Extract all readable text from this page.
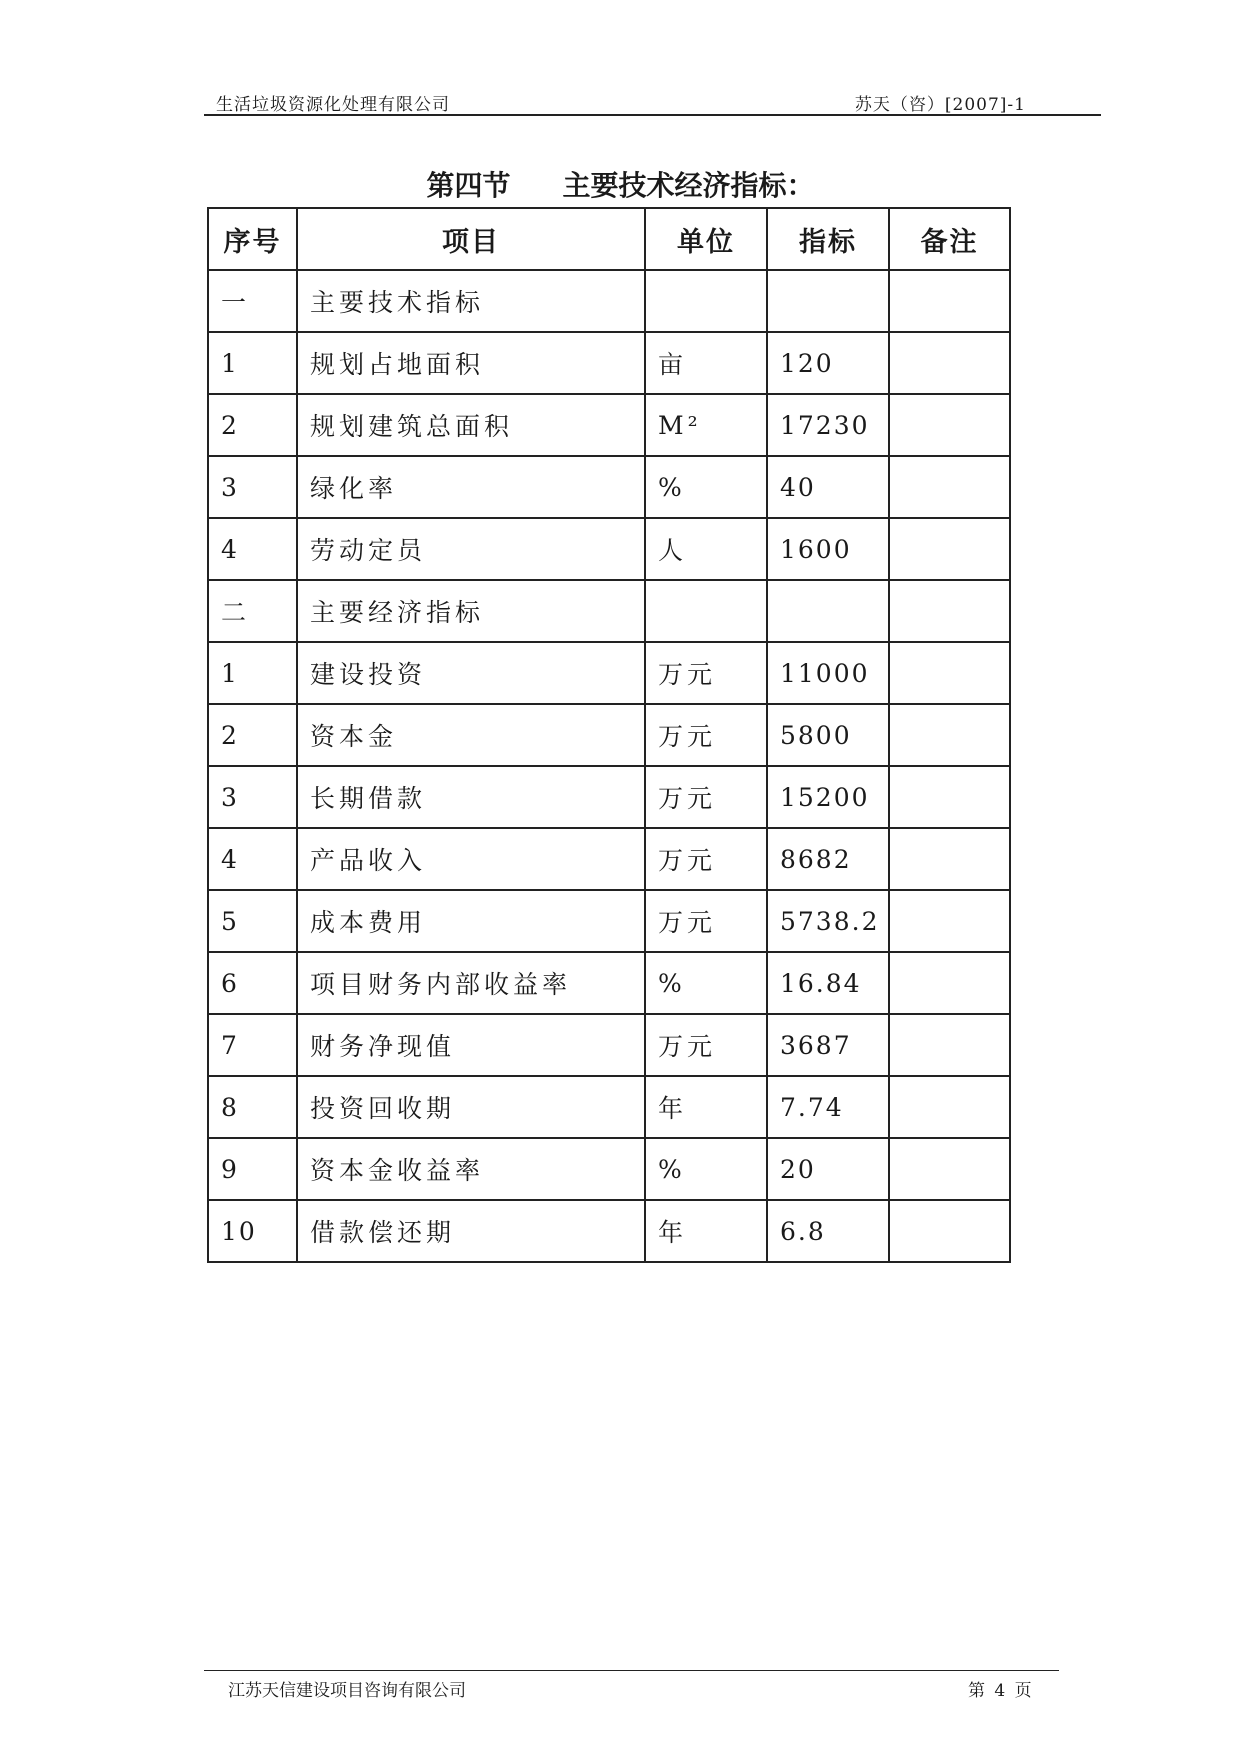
生活垃圾资源化处理有限公司	苏天（咨）[2007]-1
第四节 主要技术经济指标：
序号	项目	单位	指标	备注
一	主要技术指标			
1	规划占地面积	亩	120	
2	规划建筑总面积	M²	17230	
3	绿化率	%	40	
4	劳动定员	人	1600	
二	主要经济指标			
1	建设投资	万元	11000	
2	资本金	万元	5800	
3	长期借款	万元	15200	
4	产品收入	万元	8682	
5	成本费用	万元	5738.2	
6	项目财务内部收益率	%	16.84	
7	财务净现值	万元	3687	
8	投资回收期	年	7.74	
9	资本金收益率	%	20	
10	借款偿还期	年	6.8	
江苏天信建设项目咨询有限公司	第 4 页
